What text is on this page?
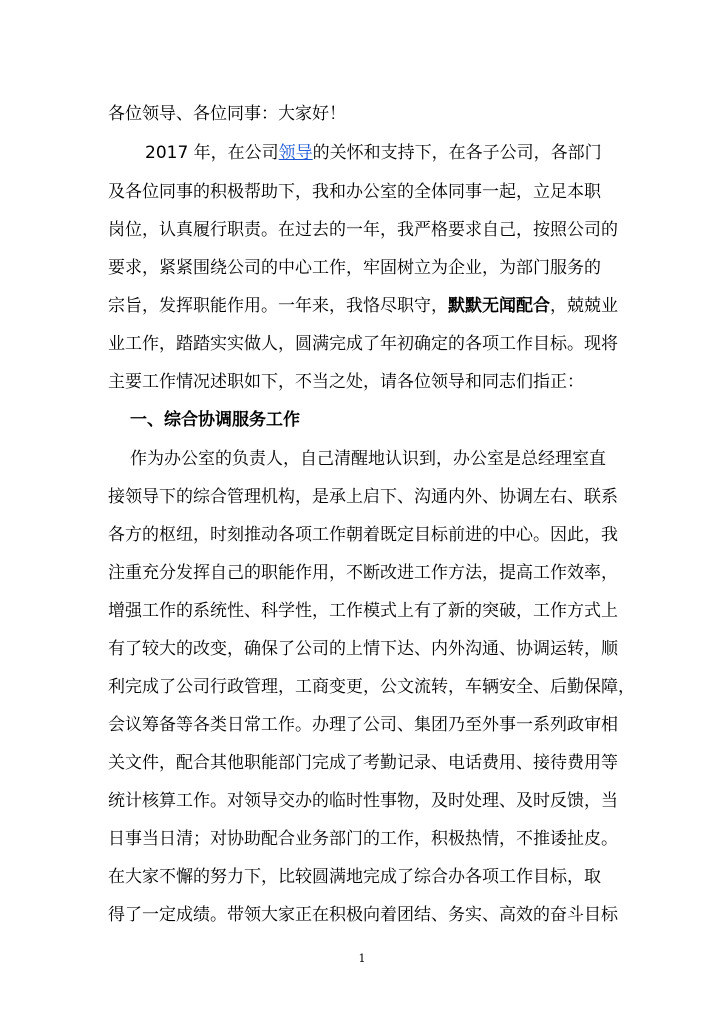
各位领导、各位同事：大家好！
2017 年，在公司领导的关怀和支持下，在各子公司，各部门
及各位同事的积极帮助下，我和办公室的全体同事一起，立足本职
岗位，认真履行职责。在过去的一年，我严格要求自己，按照公司的
要求，紧紧围绕公司的中心工作，牢固树立为企业，为部门服务的
宗旨，发挥职能作用。一年来，我恪尽职守，默默无闻配合，兢兢业
业工作，踏踏实实做人，圆满完成了年初确定的各项工作目标。现将
主要工作情况述职如下，不当之处，请各位领导和同志们指正：
一、综合协调服务工作
作为办公室的负责人，自己清醒地认识到，办公室是总经理室直
接领导下的综合管理机构，是承上启下、沟通内外、协调左右、联系
各方的枢纽，时刻推动各项工作朝着既定目标前进的中心。因此，我
注重充分发挥自己的职能作用，不断改进工作方法，提高工作效率，
增强工作的系统性、科学性，工作模式上有了新的突破，工作方式上
有了较大的改变，确保了公司的上情下达、内外沟通、协调运转，顺
利完成了公司行政管理，工商变更，公文流转，车辆安全、后勤保障，
会议筹备等各类日常工作。办理了公司、集团乃至外事一系列政审相
关文件，配合其他职能部门完成了考勤记录、电话费用、接待费用等
统计核算工作。对领导交办的临时性事物，及时处理、及时反馈，当
日事当日清；对协助配合业务部门的工作，积极热情，不推诿扯皮。
在大家不懈的努力下，比较圆满地完成了综合办各项工作目标，取
得了一定成绩。带领大家正在积极向着团结、务实、高效的奋斗目标
1
